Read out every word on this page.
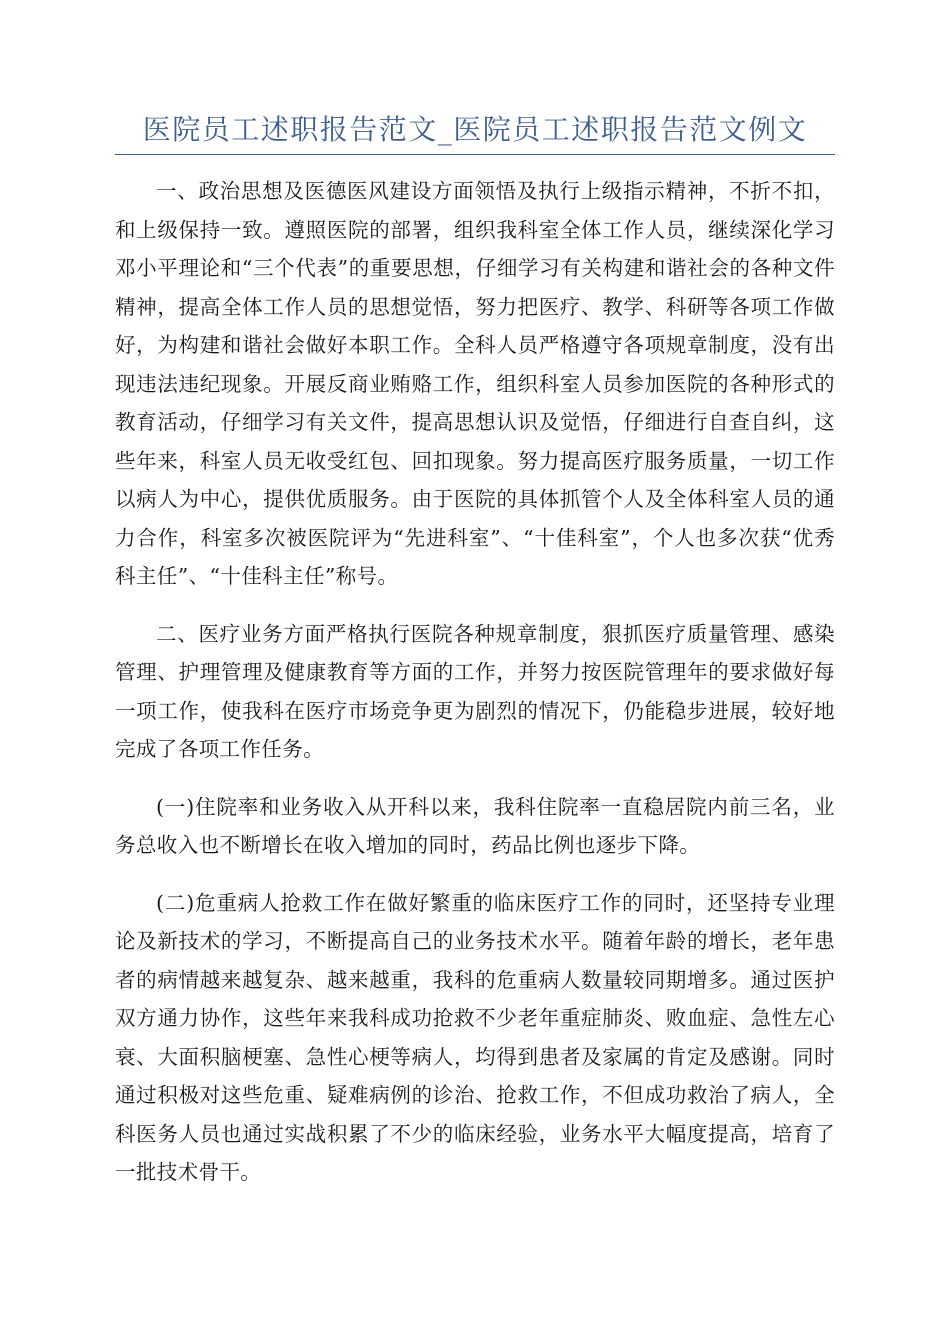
医院员工述职报告范文_医院员工述职报告范文例文

一、政治思想及医德医风建设方面领悟及执行上级指示精神，不折不扣，和上级保持一致。遵照医院的部署，组织我科室全体工作人员，继续深化学习邓小平理论和“三个代表”的重要思想，仔细学习有关构建和谐社会的各种文件精神，提高全体工作人员的思想觉悟，努力把医疗、教学、科研等各项工作做好，为构建和谐社会做好本职工作。全科人员严格遵守各项规章制度，没有出现违法违纪现象。开展反商业贿赂工作，组织科室人员参加医院的各种形式的教育活动，仔细学习有关文件，提高思想认识及觉悟，仔细进行自查自纠，这些年来，科室人员无收受红包、回扣现象。努力提高医疗服务质量，一切工作以病人为中心，提供优质服务。由于医院的具体抓管个人及全体科室人员的通力合作，科室多次被医院评为“先进科室”、“十佳科室”，个人也多次获“优秀科主任”、“十佳科主任”称号。

二、医疗业务方面严格执行医院各种规章制度，狠抓医疗质量管理、感染管理、护理管理及健康教育等方面的工作，并努力按医院管理年的要求做好每一项工作，使我科在医疗市场竞争更为剧烈的情况下，仍能稳步进展，较好地完成了各项工作任务。

(一)住院率和业务收入从开科以来，我科住院率一直稳居院内前三名，业务总收入也不断增长在收入增加的同时，药品比例也逐步下降。

(二)危重病人抢救工作在做好繁重的临床医疗工作的同时，还坚持专业理论及新技术的学习，不断提高自己的业务技术水平。随着年龄的增长，老年患者的病情越来越复杂、越来越重，我科的危重病人数量较同期增多。通过医护双方通力协作，这些年来我科成功抢救不少老年重症肺炎、败血症、急性左心衰、大面积脑梗塞、急性心梗等病人，均得到患者及家属的肯定及感谢。同时通过积极对这些危重、疑难病例的诊治、抢救工作，不但成功救治了病人，全科医务人员也通过实战积累了不少的临床经验，业务水平大幅度提高，培育了一批技术骨干。
